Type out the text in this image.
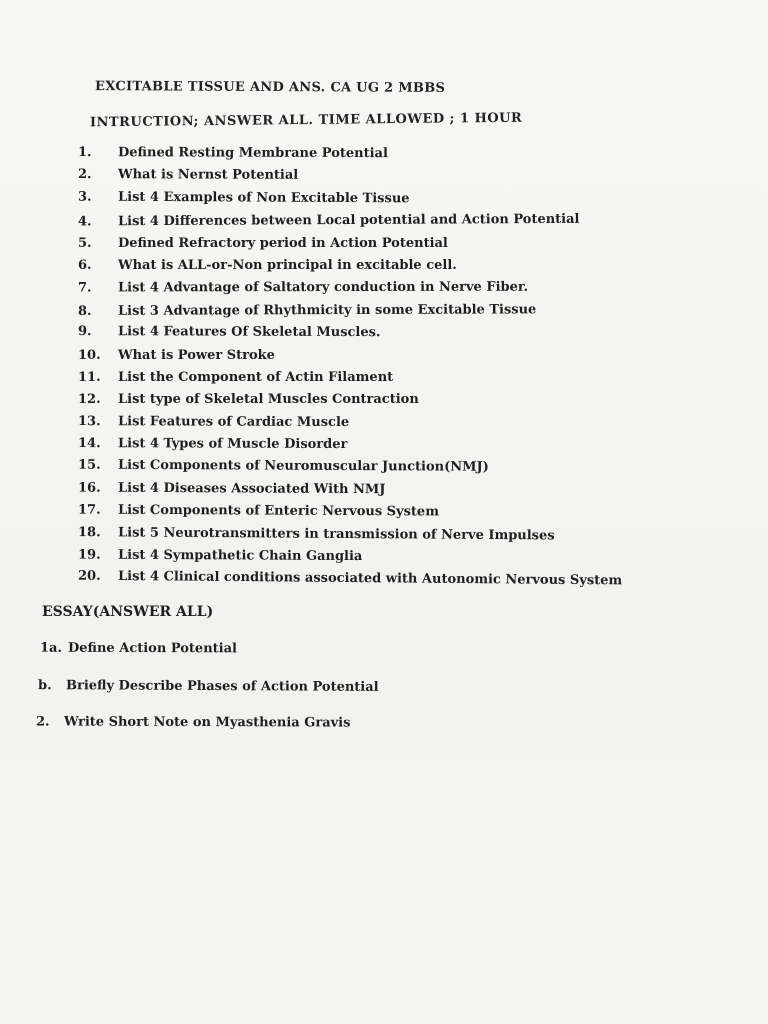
EXCITABLE TISSUE AND ANS. CA UG 2 MBBS
INTRUCTION; ANSWER ALL. TIME ALLOWED ; 1 HOUR
1. Defined Resting Membrane Potential
2. What is Nernst Potential
3. List 4 Examples of Non Excitable Tissue
4. List 4 Differences between Local potential and Action Potential
5. Defined Refractory period in Action Potential
6. What is ALL-or-Non principal in excitable cell.
7. List 4 Advantage of Saltatory conduction in Nerve Fiber.
8. List 3 Advantage of Rhythmicity in some Excitable Tissue
9. List 4 Features Of Skeletal Muscles.
10. What is Power Stroke
11. List the Component of Actin Filament
12. List type of Skeletal Muscles Contraction
13. List Features of Cardiac Muscle
14. List 4 Types of Muscle Disorder
15. List Components of Neuromuscular Junction(NMJ)
16. List 4 Diseases Associated With NMJ
17. List Components of Enteric Nervous System
18. List 5 Neurotransmitters in transmission of Nerve Impulses
19. List 4 Sympathetic Chain Ganglia
20. List 4 Clinical conditions associated with Autonomic Nervous System
ESSAY(ANSWER ALL)
1a. Define Action Potential
b. Briefly Describe Phases of Action Potential
2. Write Short Note on Myasthenia Gravis
